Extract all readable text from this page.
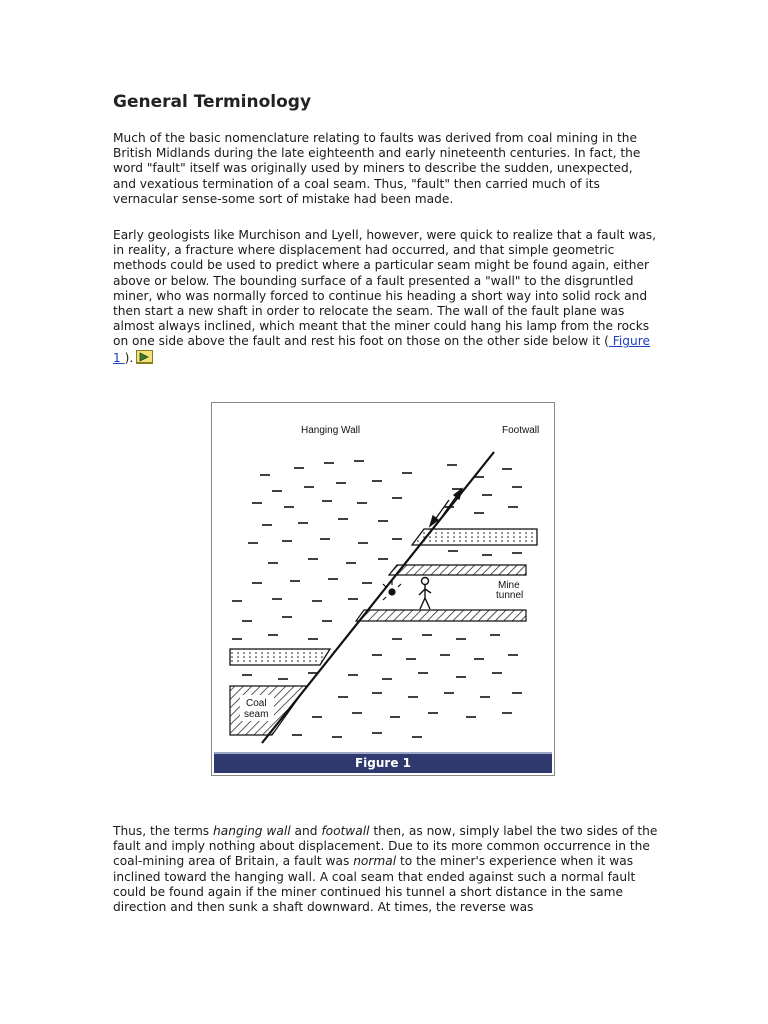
General Terminology

Much of the basic nomenclature relating to faults was derived from coal mining in the British Midlands during the late eighteenth and early nineteenth centuries. In fact, the word "fault" itself was originally used by miners to describe the sudden, unexpected, and vexatious termination of a coal seam. Thus, "fault" then carried much of its vernacular sense-some sort of mistake had been made.

Early geologists like Murchison and Lyell, however, were quick to realize that a fault was, in reality, a fracture where displacement had occurred, and that simple geometric methods could be used to predict where a particular seam might be found again, either above or below. The bounding surface of a fault presented a "wall" to the disgruntled miner, who was normally forced to continue his heading a short way into solid rock and then start a new shaft in order to relocate the seam. The wall of the fault plane was almost always inclined, which meant that the miner could hang his lamp from the rocks on one side above the fault and rest his foot on those on the other side below it ( Figure 1 ).

Hanging Wall	Footwall
Mine
tunnel
Coal
seam
Figure 1

Thus, the terms hanging wall and footwall then, as now, simply label the two sides of the fault and imply nothing about displacement. Due to its more common occurrence in the coal-mining area of Britain, a fault was normal to the miner's experience when it was inclined toward the hanging wall. A coal seam that ended against such a normal fault could be found again if the miner continued his tunnel a short distance in the same direction and then sunk a shaft downward. At times, the reverse was
